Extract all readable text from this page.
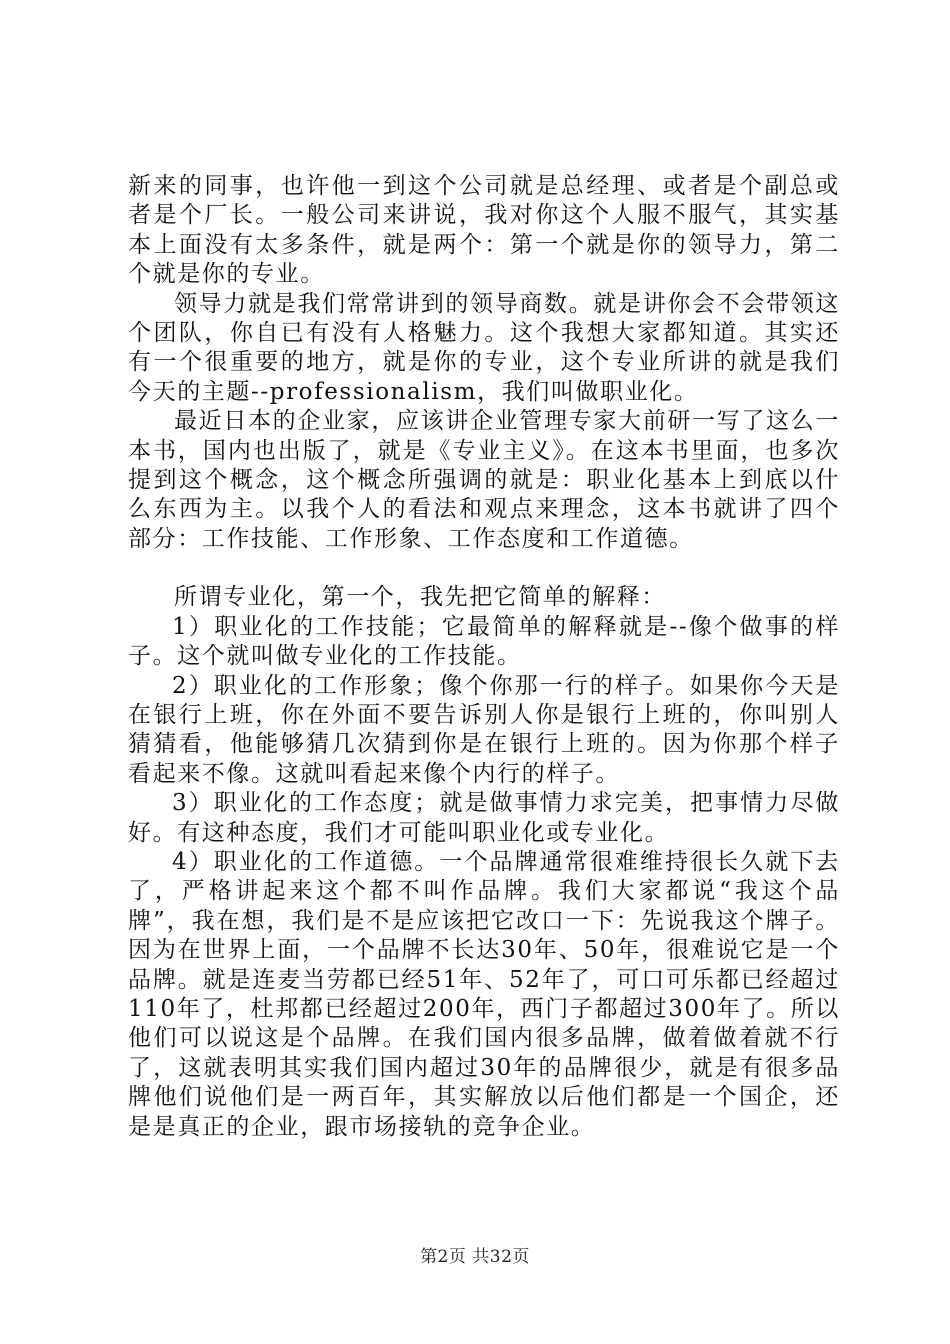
新来的同事，也许他一到这个公司就是总经理、或者是个副总或者是个厂长。一般公司来讲说，我对你这个人服不服气，其实基本上面没有太多条件，就是两个：第一个就是你的领导力，第二个就是你的专业。

领导力就是我们常常讲到的领导商数。就是讲你会不会带领这个团队，你自已有没有人格魅力。这个我想大家都知道。其实还有一个很重要的地方，就是你的专业，这个专业所讲的就是我们今天的主题--professionalism，我们叫做职业化。

最近日本的企业家，应该讲企业管理专家大前研一写了这么一本书，国内也出版了，就是《专业主义》。在这本书里面，也多次提到这个概念，这个概念所强调的就是：职业化基本上到底以什么东西为主。以我个人的看法和观点来理念，这本书就讲了四个部分：工作技能、工作形象、工作态度和工作道德。

所谓专业化，第一个，我先把它简单的解释：

1）职业化的工作技能；它最简单的解释就是--像个做事的样子。这个就叫做专业化的工作技能。

2）职业化的工作形象；像个你那一行的样子。如果你今天是在银行上班，你在外面不要告诉别人你是银行上班的，你叫别人猜猜看，他能够猜几次猜到你是在银行上班的。因为你那个样子看起来不像。这就叫看起来像个内行的样子。

3）职业化的工作态度；就是做事情力求完美，把事情力尽做好。有这种态度，我们才可能叫职业化或专业化。

4）职业化的工作道德。一个品牌通常很难维持很长久就下去了，严格讲起来这个都不叫作品牌。我们大家都说“我这个品牌”，我在想，我们是不是应该把它改口一下：先说我这个牌子。因为在世界上面，一个品牌不长达30年、50年，很难说它是一个品牌。就是连麦当劳都已经51年、52年了，可口可乐都已经超过110年了，杜邦都已经超过200年，西门子都超过300年了。所以他们可以说这是个品牌。在我们国内很多品牌，做着做着就不行了，这就表明其实我们国内超过30年的品牌很少，就是有很多品牌他们说他们是一两百年，其实解放以后他们都是一个国企，还是是真正的企业，跟市场接轨的竞争企业。

第2页 共32页
